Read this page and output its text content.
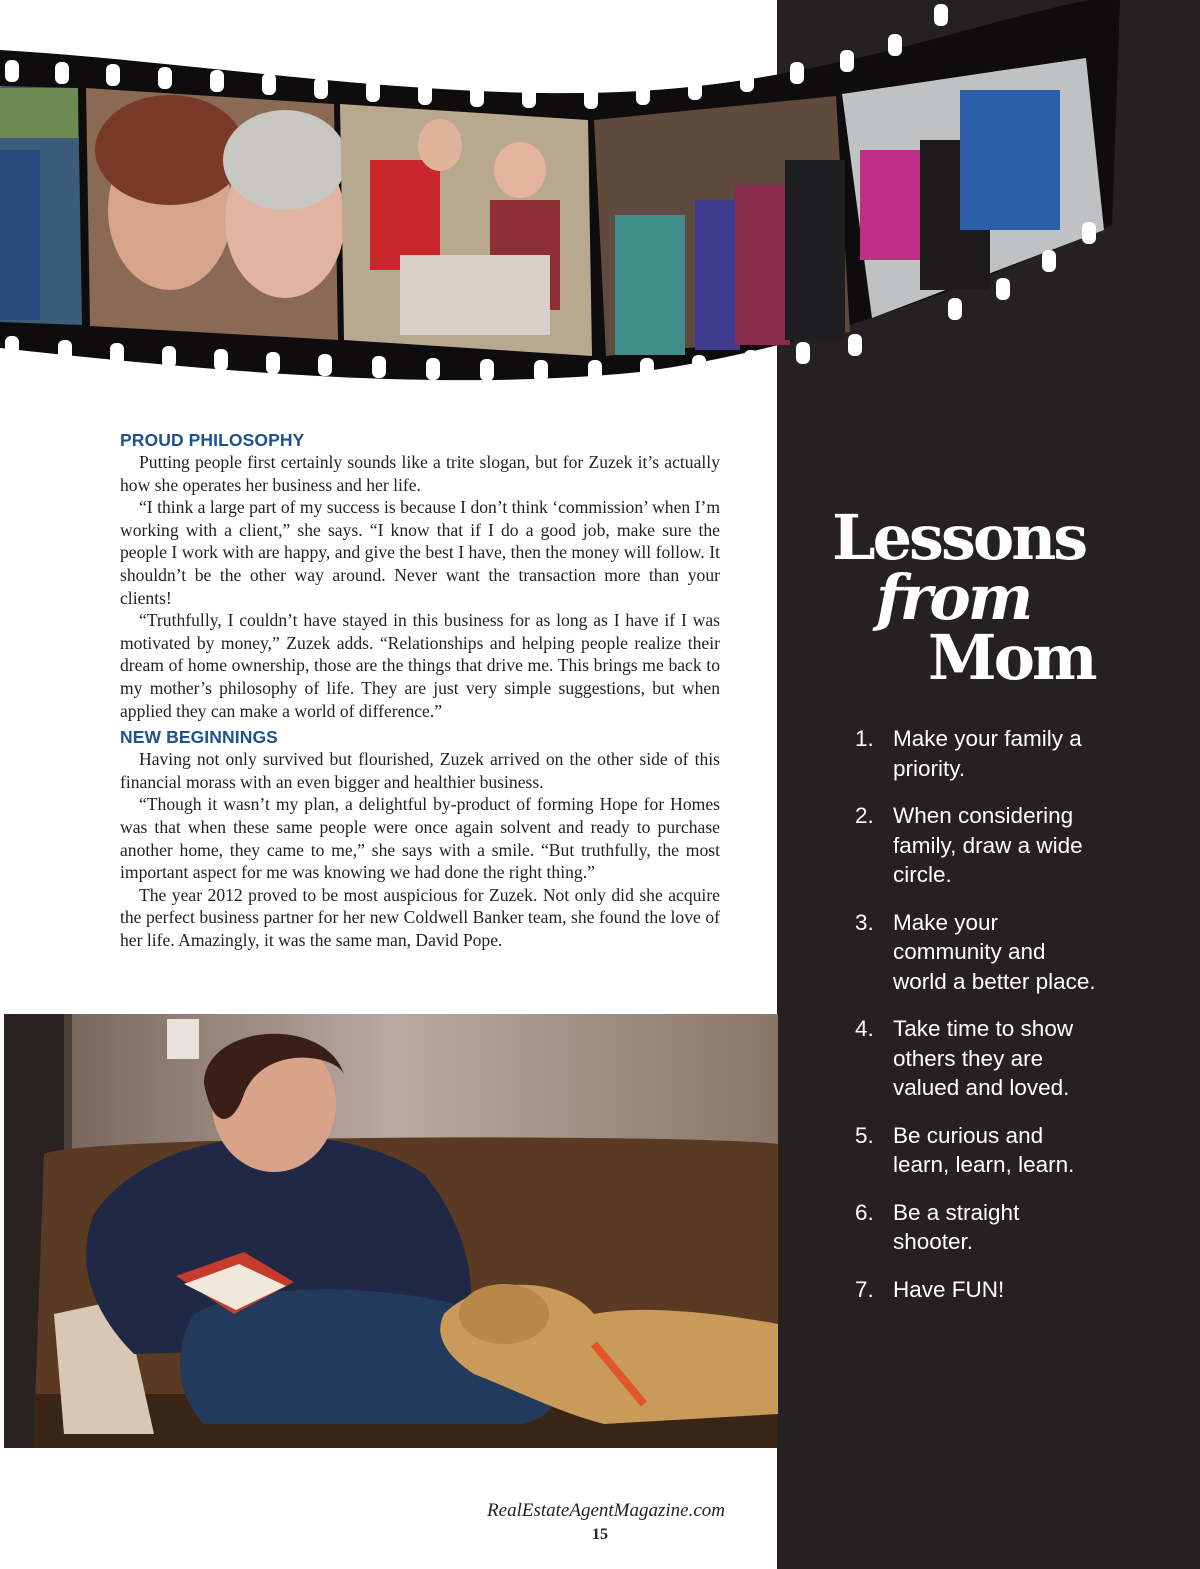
PROUD PHILOSOPHY

Putting people first certainly sounds like a trite slogan, but for Zuzek it’s actually how she operates her business and her life.

“I think a large part of my success is because I don’t think ‘commission’ when I’m working with a client,” she says. “I know that if I do a good job, make sure the people I work with are happy, and give the best I have, then the money will follow. It shouldn’t be the other way around. Never want the transaction more than your clients!

“Truthfully, I couldn’t have stayed in this business for as long as I have if I was motivated by money,” Zuzek adds. “Relationships and helping people realize their dream of home ownership, those are the things that drive me. This brings me back to my mother’s philosophy of life. They are just very simple suggestions, but when applied they can make a world of difference.”

NEW BEGINNINGS

Having not only survived but flourished, Zuzek arrived on the other side of this financial morass with an even bigger and healthier business.

“Though it wasn’t my plan, a delightful by-product of forming Hope for Homes was that when these same people were once again solvent and ready to purchase another home, they came to me,” she says with a smile. “But truthfully, the most important aspect for me was knowing we had done the right thing.”

The year 2012 proved to be most auspicious for Zuzek. Not only did she acquire the perfect business partner for her new Coldwell Banker team, she found the love of her life. Amazingly, it was the same man, David Pope.

Lessons
from
Mom
1. Make your family a priority.
2. When considering family, draw a wide circle.
3. Make your community and world a better place.
4. Take time to show others they are valued and loved.
5. Be curious and learn, learn, learn.
6. Be a straight shooter.
7. Have FUN!
RealEstateAgentMagazine.com
15
